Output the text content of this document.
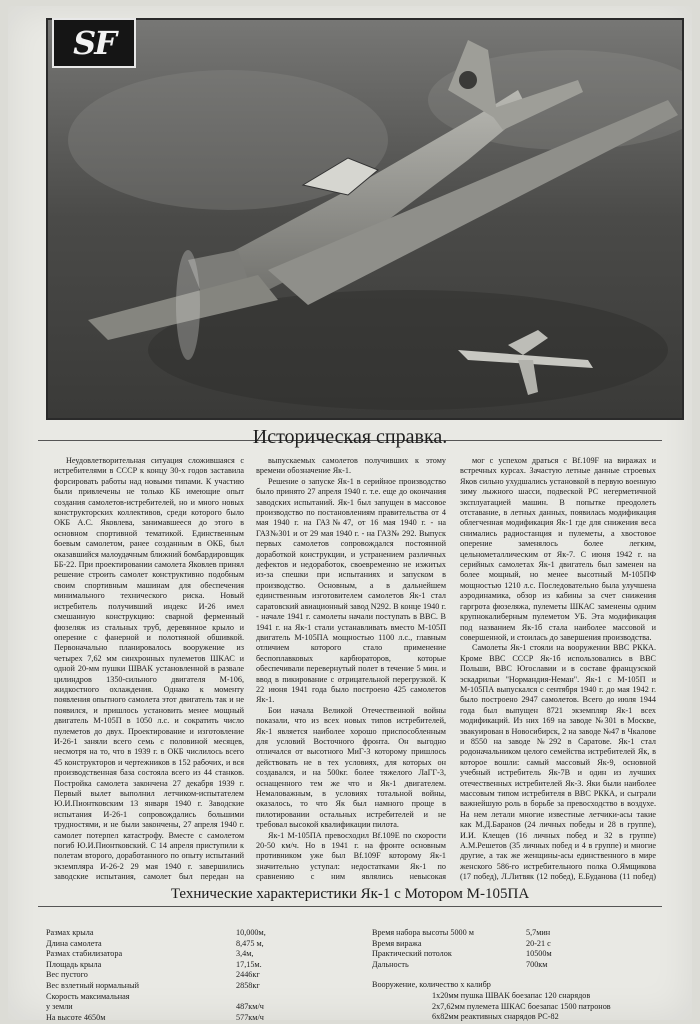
SF
Историческая справка.

Неудовлетворительная ситуация сложившаяся с истребителями в СССР к концу 30-х годов заставила форсировать работы над новыми типами. К участию были привлечены не только КБ имеющие опыт создания самолетов-истребителей, но и много новых конструкторских коллективов, среди которого было ОКБ А.С. Яковлева, занимавшееся до этого в основном спортивной тематикой. Единственным боевым самолетом, ранее созданным в ОКБ, был оказавшийся малоудачным ближний бомбардировщик ББ-22. При проектировании самолета Яковлев принял решение строить самолет конструктивно подобным своим спортивным машинам для обеспечения минимального технического риска. Новый истребитель получивший индекс И-26 имел смешанную конструкцию: сварной ферменный фюзеляж из стальных труб, деревянное крыло и оперение с фанерной и полотняной обшивкой. Первоначально планировалось вооружение из четырех 7,62 мм синхронных пулеметов ШКАС и одной 20-мм пушки ШВАК установленной в развале цилиндров 1350-сильного двигателя М-106, жидкостного охлаждения. Однако к моменту появления опытного самолета этот двигатель так и не появился, и пришлось установить менее мощный двигатель М-105П в 1050 л.с. и сократить число пулеметов до двух. Проектирование и изготовление И-26-1 заняли всего семь с половиной месяцев, несмотря на то, что в 1939 г. в ОКБ числилось всего 45 конструкторов и чертежников в 152 рабочих, и вся производственная база состояла всего из 44 станков. Постройка самолета закончена 27 декабря 1939 г. Первый вылет выполнил летчиком-испытателем Ю.И.Пионтковским 13 января 1940 г. Заводские испытания И-26-1 сопровождались большими трудностями, и не были закончены, 27 апреля 1940 г. самолет потерпел катастрофу. Вместе с самолетом погиб Ю.И.Пионтковский. С 14 апреля приступили к полетам второго, доработанного по опыту испытаний экземпляра И-26-2 29 мая 1940 г. завершились заводские испытания, самолет был передан на

выпускаемых самолетов получивших к этому времени обозначение Як-1.

Решение о запуске Як-1 в серийное производство было принято 27 апреля 1940 г. т.е. еще до окончания заводских испытаний. Як-1 был запущен в массовое производство по постановлениям правительства от 4 мая 1940 г. на ГАЗ№47, от 16 мая 1940 г. - на ГАЗ№301 и от 29 мая 1940 г. - на ГАЗ№ 292. Выпуск первых самолетов сопровождался постоянной доработкой конструкции, и устранением различных дефектов и недоработок, своевременно не изжитых из-за спешки при испытаниях и запуском в производство. Основным, а в дальнейшем единственным изготовителем самолетов Як-1 стал саратовский авиационный завод N292. В конце 1940 г. - начале 1941 г. самолеты начали поступать в ВВС. В 1941 г. на Як-1 стали устанавливать вместо М-105П двигатель М-105ПА мощностью 1100 л.с., главным отличием которого стало применение беспоплавковых карбюраторов, которые обеспечивали перевернутый полет в течение 5 мин. и ввод в пикирование с отрицательной перегрузкой. К 22 июня 1941 года было построено 425 самолетов Як-1.

Бои начала Великой Отечественной войны показали, что из всех новых типов истребителей, Як-1 является наиболее хорошо приспособленным для условий Восточного фронта. Он выгодно отличался от высотного МиГ-3 которому пришлось действовать не в тех условиях, для которых он создавался, и на 500кг. более тяжелого ЛаГГ-3, оснащенного тем же что и Як-1 двигателем. Немаловажным, в условиях тотальной войны, оказалось, то что Як был намного проще в пилотировании остальных истребителей и не требовал высокой квалификации пилота.

Як-1 М-105ПА превосходил Bf.109E по скорости 20-50 км/ч. Но в 1941 г. на фронте основным противником уже был Bf.109F которому Як-1 значительно уступал: недостатками Як-1 по сравнению с ним являлись невысокая

мог с успехом драться с Bf.109F на виражах и встречных курсах. Зачастую летные данные строевых Яков сильно ухудшались установкой в первую военную зиму лыжного шасси, подвеской РС негерметичной эксплуатацией машин. В попытке преодолеть отставание, в летных данных, появилась модификация облегченная модификация Як-1 где для снижения веса снимались радиостанция и пулеметы, а хвостовое оперение заменялось более легким, цельнометаллическим от Як-7. С июня 1942 г. на серийных самолетах Як-1 двигатель был заменен на более мощный, но менее высотный М-105ПФ мощностью 1210 л.с. Последовательно была улучшена аэродинамика, обзор из кабины за счет снижения гаргрота фюзеляжа, пулеметы ШКАС заменены одним крупнокалиберным пулеметом УБ. Эта модификация под названием Як-1б стала наиболее массовой и совершенной, и стоилась до завершения производства.

Самолеты Як-1 стояли на вооружении ВВС РККА. Кроме ВВС СССР Як-1б использовались в ВВС Польши, ВВС Югославии и в составе французской эскадрильи "Нормандия-Неман". Як-1 с М-105П и М-105ПА выпускался с сентября 1940 г. до мая 1942 г. было построено 2947 самолетов. Всего до июля 1944 года был выпущен 8721 экземпляр Як-1 всех модификаций. Из них 169 на заводе №301 в Москве, эвакуирован в Новосибирск, 2 на заводе №47 в Чкалове и 8550 на заводе №292 в Саратове. Як-1 стал родоначальником целого семейства истребителей Як, в которое вошли: самый массовый Як-9, основной учебный истребитель Як-7В и один из лучших отечественных истребителей Як-3. Яки были наиболее массовым типом истребителя в ВВС РККА, и сыграли важнейшую роль в борьбе за превосходство в воздухе. На нем летали многие известные летчики-асы такие как М.Д.Баранов (24 личных победы и 28 в группе), И.И. Клещев (16 личных побед и 32 в группе) А.М.Решетов (35 личных побед и 4 в группе) и многие другие, а так же женщины-асы единственного в мире женского 586-го истребительного полка О.Ямщикова (17 побед), Л.Литвяк (12 побед), Е.Буданова (11 побед)

Технические характеристики Як-1 с Мотором М-105ПА
Размах крыла	10,000м,
Длина самолета	8,475 м,
Размах стабилизатора	3,4м,
Площадь крыла	17,15м.
Вес пустого	2446кг
Вес взлетный нормальный	2858кг
Скорость максимальная
у земли	487км/ч
На высоте 4650м	577км/ч
Время набора высоты 5000 м	5,7мин
Время виража	20-21 с
Практический потолок	10500м
Дальность	700км
Вооружение, количество х калибр
1х20мм пушка ШВАК боезапас 120 снарядов
2х7,62мм пулемета ШКАС боезапас 1500 патронов
6х82мм реактивных снарядов РС-82
